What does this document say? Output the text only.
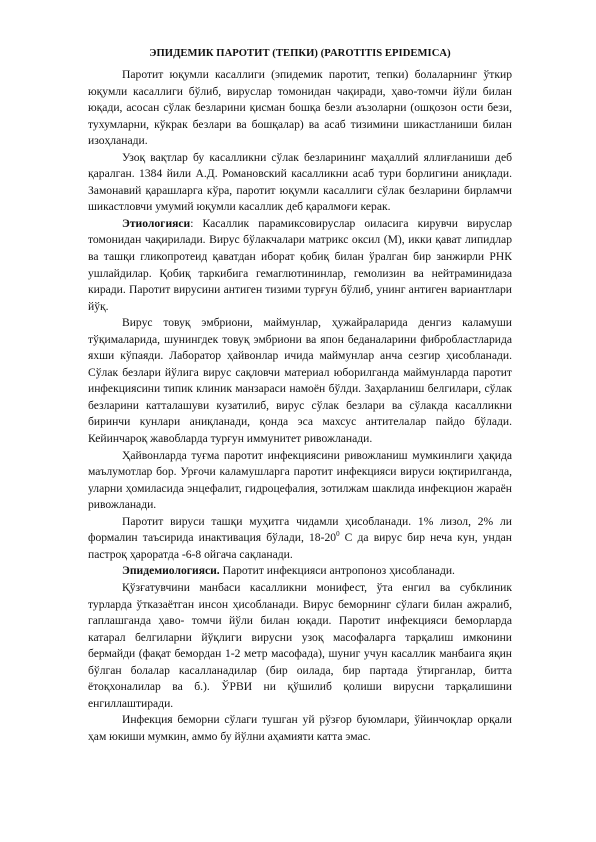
ЭПИДЕМИК ПАРОТИТ (ТЕПКИ) (PAROTITIS EPIDEMICA)

Паротит юқумли касаллиги (эпидемик паротит, тепки) болаларнинг ўткир юқумли касаллиги бўлиб, вируслар томонидан чақиради, ҳаво-томчи йўли билан юқади, асосан сўлак безларини қисман бошқа безли аъзоларни (ошқозон ости бези, тухумларни, кўкрак безлари ва бошқалар) ва асаб тизимини шикастланиши билан изоҳланади.

Узоқ вақтлар бу касалликни сўлак безларининг маҳаллий яллиғланиши деб қаралган. 1384 йили А.Д. Романовский касалликни асаб тури борлигини аниқлади. Замонавий қарашларга кўра, паротит юқумли касаллиги сўлак безларини бирламчи шикастловчи умумий юқумли касаллик деб қаралмоғи керак.

Этиологияси: Касаллик парамиксовируслар оиласига кирувчи вируслар томонидан чақирилади. Вирус бўлакчалари матрикс оксил (М), икки қават липидлар ва ташқи гликопротеид қаватдан иборат қобиқ билан ўралган бир занжирли РНК ушлайдилар. Қобиқ таркибига гемаглютининлар, гемолизин ва нейтраминидаза киради. Паротит вирусини антиген тизими турғун бўлиб, унинг антиген вариантлари йўқ.

Вирус товуқ эмбриони, маймунлар, ҳужайраларида денгиз каламуши тўқималарида, шунингдек товуқ эмбриони ва япон беданаларини фибробластларида яхши кўпаяди. Лаборатор ҳайвонлар ичида маймунлар анча сезгир ҳисобланади. Сўлак безлари йўлига вирус сақловчи материал юборилганда маймунларда паротит инфекциясини типик клиник манзараси намоён бўлди. Заҳарланиш белгилари, сўлак безларини катталашуви кузатилиб, вирус сўлак безлари ва сўлакда касалликни биринчи кунлари аниқланади, қонда эса махсус антителалар пайдо бўлади. Кейинчароқ жавобларда турғун иммунитет ривожланади.

Ҳайвонларда туғма паротит инфекциясини ривожланиш мумкинлиги ҳақида маълумотлар бор. Урғочи каламушларга паротит инфекцияси вируси юқтирилганда, уларни ҳомиласида энцефалит, гидроцефалия, зотилжам шаклида инфекцион жараён ривожланади.

Паротит вируси ташқи муҳитга чидамли ҳисобланади. 1% лизол, 2% ли формалин таъсирида инактивация бўлади, $18-20^0$ С да вирус бир неча кун, ундан пастроқ ҳароратда -6-8 ойгача сақланади.

Эпидемиологияси. Паротит инфекцияси антропоноз ҳисобланади.

Қўзғатувчини манбаси касалликни монифест, ўта енгил ва субклиник турларда ўтказаётган инсон ҳисобланади. Вирус беморнинг сўлаги билан ажралиб, гаплашганда ҳаво- томчи йўли билан юқади. Паротит инфекцияси беморларда катарал белгиларни йўқлиги вирусни узоқ масофаларга тарқалиш имконини бермайди (фақат бемордан 1-2 метр масофада), шуниг учун касаллик манбаига яқин бўлган болалар касалланадилар (бир оилада, бир партада ўтирганлар, битта ётоқхоналилар ва б.). ЎРВИ ни қўшилиб қолиши вирусни тарқалишини енгиллаштиради.

Инфекция беморни сўлаги тушган уй рўзғор буюмлари, ўйинчоқлар орқали ҳам юкиши мумкин, аммо бу йўлни аҳамияти катта эмас.
